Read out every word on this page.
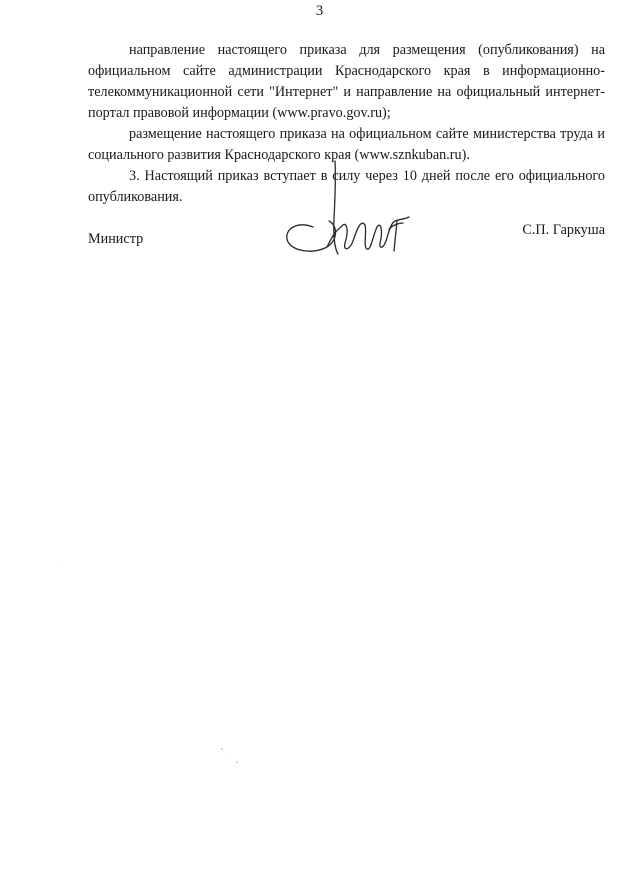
3

направление настоящего приказа для размещения (опубликования) на официальном сайте администрации Краснодарского края в информационно-телекоммуникационной сети "Интернет" и направление на официальный интернет-портал правовой информации (www.pravo.gov.ru);

размещение настоящего приказа на официальном сайте министерства труда и социального развития Краснодарского края (www.sznkuban.ru).

3. Настоящий приказ вступает в силу через 10 дней после его официального опубликования.

Министр
С.П. Гаркуша
